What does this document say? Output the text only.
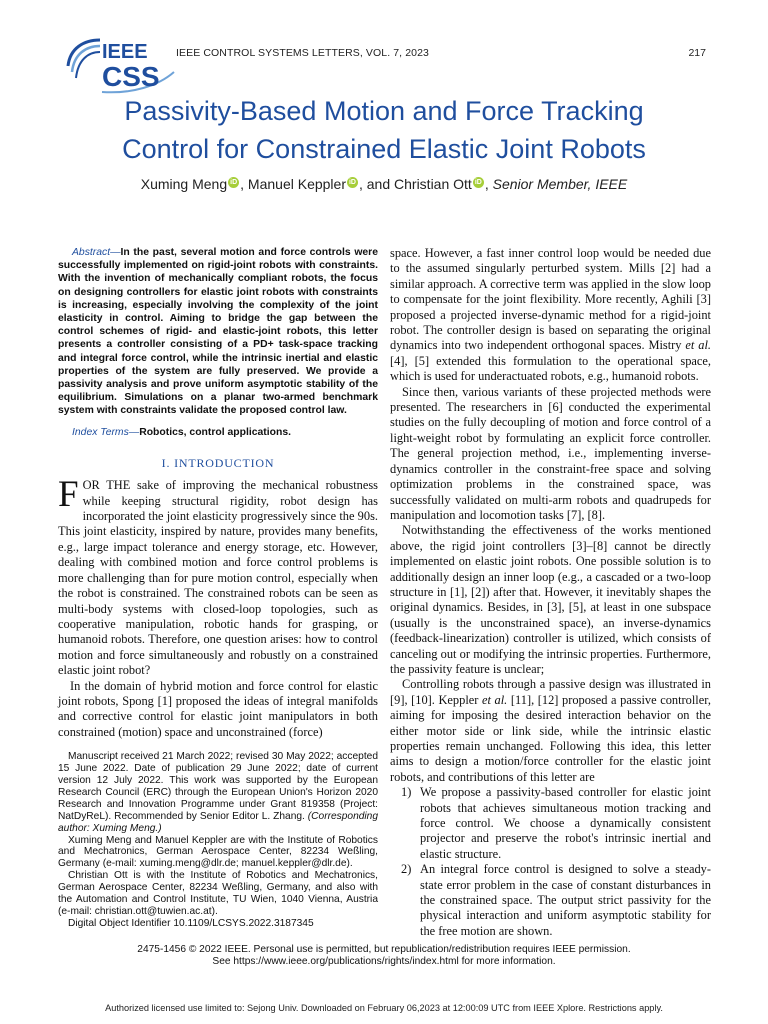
IEEE
CSS
IEEE CONTROL SYSTEMS LETTERS, VOL. 7, 2023	217
Passivity-Based Motion and Force Tracking
Control for Constrained Elastic Joint Robots
Xuming Meng iD , Manuel Keppler iD , and Christian Ott iD , Senior Member, IEEE
Abstract—In the past, several motion and force controls were successfully implemented on rigid-joint robots with constraints. With the invention of mechanically compliant robots, the focus on designing controllers for elastic joint robots with constraints is increasing, especially involving the complexity of the joint elasticity in control. Aiming to bridge the gap between the control schemes of rigid- and elastic-joint robots, this letter presents a controller consisting of a PD+ task-space tracking and integral force control, while the intrinsic inertial and elastic properties of the system are fully preserved. We provide a passivity analysis and prove uniform asymptotic stability of the equilibrium. Simulations on a planar two-armed benchmark system with constraints validate the proposed control law.
Index Terms—Robotics, control applications.
I. INTRODUCTION

FOR THE sake of improving the mechanical robustness while keeping structural rigidity, robot design has incorporated the joint elasticity progressively since the 90s. This joint elasticity, inspired by nature, provides many benefits, e.g., large impact tolerance and energy storage, etc. However, dealing with combined motion and force control problems is more challenging than for pure motion control, especially when the robot is constrained. The constrained robots can be seen as multi-body systems with closed-loop topologies, such as cooperative manipulation, robotic hands for grasping, or humanoid robots. Therefore, one question arises: how to control motion and force simultaneously and robustly on a constrained elastic joint robot?

In the domain of hybrid motion and force control for elastic joint robots, Spong [1] proposed the ideas of integral manifolds and corrective control for elastic joint manipulators in both constrained (motion) space and unconstrained (force)

Manuscript received 21 March 2022; revised 30 May 2022; accepted 15 June 2022. Date of publication 29 June 2022; date of current version 12 July 2022. This work was supported by the European Research Council (ERC) through the European Union's Horizon 2020 Research and Innovation Programme under Grant 819358 (Project: NatDyReL). Recommended by Senior Editor L. Zhang. (Corresponding author: Xuming Meng.)

Xuming Meng and Manuel Keppler are with the Institute of Robotics and Mechatronics, German Aerospace Center, 82234 Weßling, Germany (e-mail: xuming.meng@dlr.de; manuel.keppler@dlr.de).

Christian Ott is with the Institute of Robotics and Mechatronics, German Aerospace Center, 82234 Weßling, Germany, and also with the Automation and Control Institute, TU Wien, 1040 Vienna, Austria (e-mail: christian.ott@tuwien.ac.at).

Digital Object Identifier 10.1109/LCSYS.2022.3187345

space. However, a fast inner control loop would be needed due to the assumed singularly perturbed system. Mills [2] had a similar approach. A corrective term was applied in the slow loop to compensate for the joint flexibility. More recently, Aghili [3] proposed a projected inverse-dynamic method for a rigid-joint robot. The controller design is based on separating the original dynamics into two independent orthogonal spaces. Mistry et al. [4], [5] extended this formulation to the operational space, which is used for underactuated robots, e.g., humanoid robots.

Since then, various variants of these projected methods were presented. The researchers in [6] conducted the experimental studies on the fully decoupling of motion and force control of a light-weight robot by formulating an explicit force controller. The general projection method, i.e., implementing inverse-dynamics controller in the constraint-free space and solving optimization problems in the constrained space, was successfully validated on multi-arm robots and quadrupeds for manipulation and locomotion tasks [7], [8].

Notwithstanding the effectiveness of the works mentioned above, the rigid joint controllers [3]–[8] cannot be directly implemented on elastic joint robots. One possible solution is to additionally design an inner loop (e.g., a cascaded or a two-loop structure in [1], [2]) after that. However, it inevitably shapes the original dynamics. Besides, in [3], [5], at least in one subspace (usually is the unconstrained space), an inverse-dynamics (feedback-linearization) controller is utilized, which consists of canceling out or modifying the intrinsic properties. Furthermore, the passivity feature is unclear;

Controlling robots through a passive design was illustrated in [9], [10]. Keppler et al. [11], [12] proposed a passive controller, aiming for imposing the desired interaction behavior on the either motor side or link side, while the intrinsic elastic properties remain unchanged. Following this idea, this letter aims to design a motion/force controller for the elastic joint robots, and contributions of this letter are

1) We propose a passivity-based controller for elastic joint robots that achieves simultaneous motion tracking and force control. We choose a dynamically consistent projector and preserve the robot's intrinsic inertial and elastic structure.
2) An integral force control is designed to solve a steady-state error problem in the case of constant disturbances in the constrained space. The output strict passivity for the physical interaction and uniform asymptotic stability for the free motion are shown.
2475-1456 © 2022 IEEE. Personal use is permitted, but republication/redistribution requires IEEE permission.
See https://www.ieee.org/publications/rights/index.html for more information.
Authorized licensed use limited to: Sejong Univ. Downloaded on February 06,2023 at 12:00:09 UTC from IEEE Xplore. Restrictions apply.
